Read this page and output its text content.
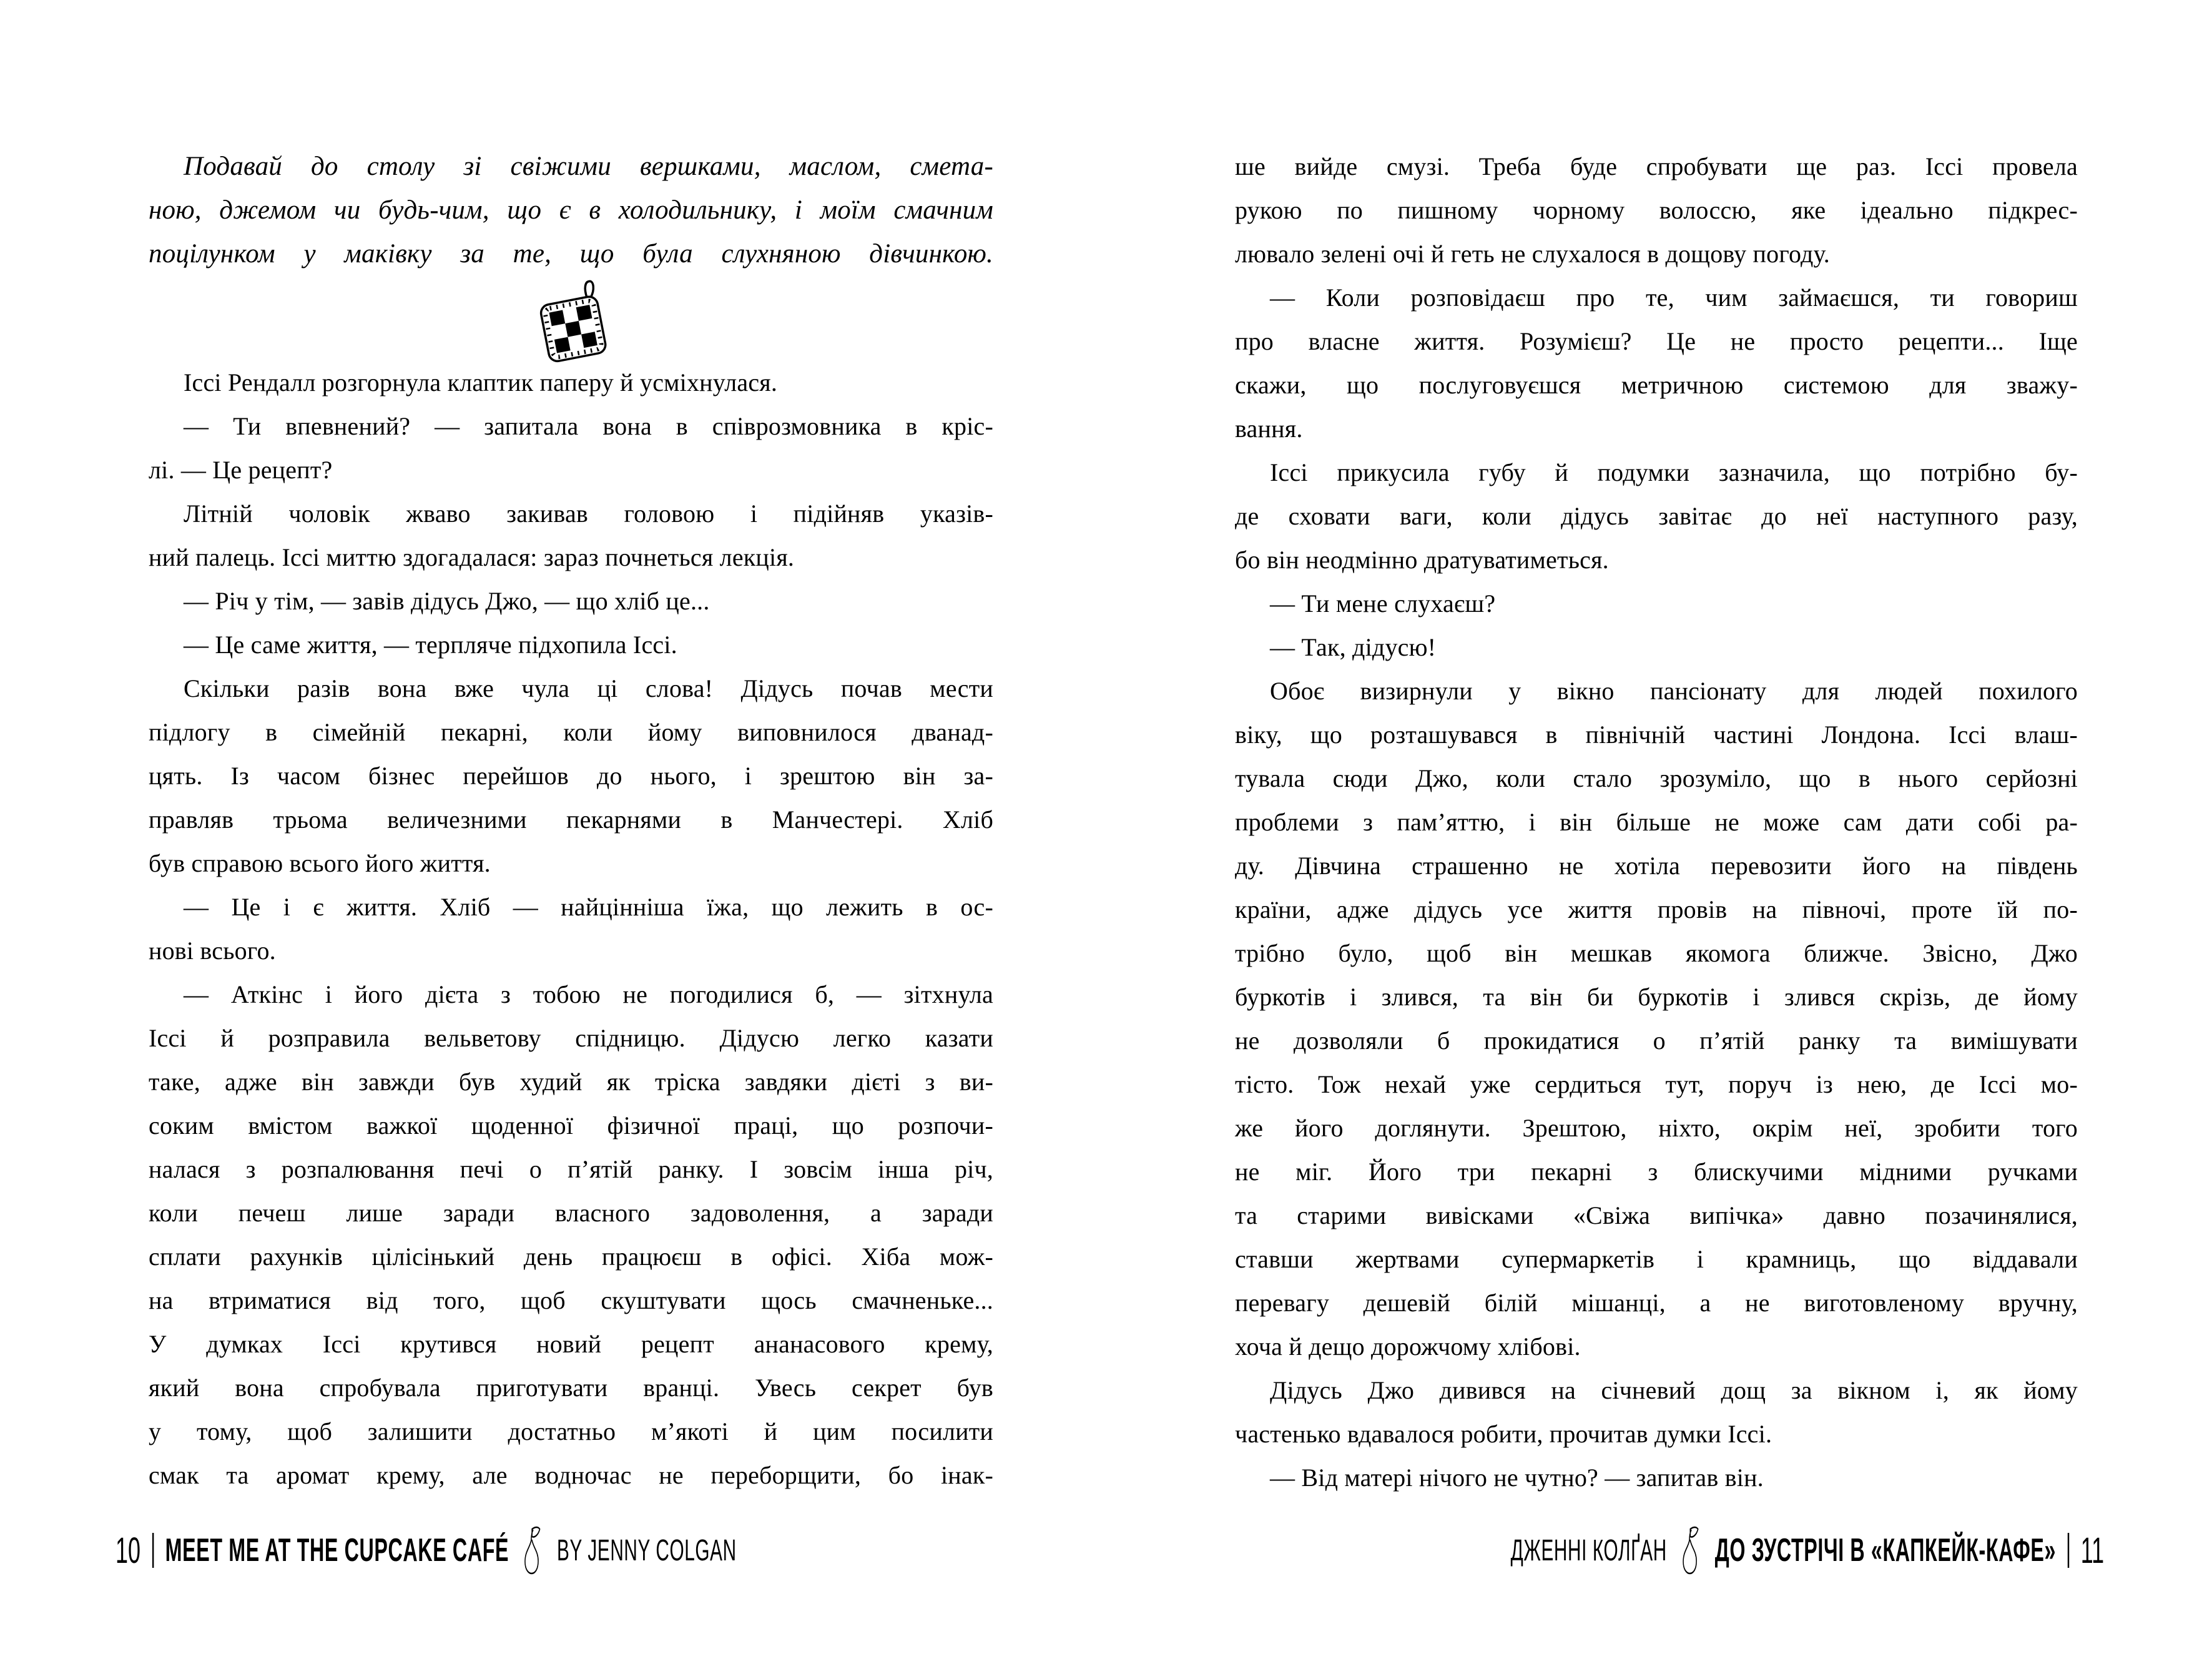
Подавай до столу зі свіжими вершками, маслом, смета-
ною, джемом чи будь-чим, що є в холодильнику, і моїм смачним
поцілунком у маківку за те, що була слухняною дівчинкою.
Іссі Рендалл розгорнула клаптик паперу й усміхнулася.
— Ти впевнений? — запитала вона в співрозмовника в кріс-
лі. — Це рецепт?
Літній чоловік жваво закивав головою і підійняв указів-
ний палець. Іссі миттю здогадалася: зараз почнеться лекція.
— Річ у тім, — завів дідусь Джо, — що хліб це...
— Це саме життя, — терпляче підхопила Іссі.
Скільки разів вона вже чула ці слова! Дідусь почав мести
підлогу в сімейній пекарні, коли йому виповнилося дванад-
цять. Із часом бізнес перейшов до нього, і зрештою він за-
правляв трьома величезними пекарнями в Манчестері. Хліб
був справою всього його життя.
— Це і є життя. Хліб — найцінніша їжа, що лежить в ос-
нові всього.
— Аткінс і його дієта з тобою не погодилися б, — зітхнула
Іссі й розправила вельветову спідницю. Дідусю легко казати
таке, адже він завжди був худий як тріска завдяки дієті з ви-
соким вмістом важкої щоденної фізичної праці, що розпочи-
налася з розпалювання печі о п’ятій ранку. І зовсім інша річ,
коли печеш лише заради власного задоволення, а заради
сплати рахунків цілісінький день працюєш в офісі. Хіба мож-
на втриматися від того, щоб скуштувати щось смачненьке...
У думках Іссі крутився новий рецепт ананасового крему,
який вона спробувала приготувати вранці. Увесь секрет був
у тому, щоб залишити достатньо м’якоті й цим посилити
смак та аромат крему, але водночас не переборщити, бо інак-
10 MEET ME AT THE CUPCAKE CAFÉ BY JENNY COLGAN
ше вийде смузі. Треба буде спробувати ще раз. Іссі провела
рукою по пишному чорному волоссю, яке ідеально підкрес-
лювало зелені очі й геть не слухалося в дощову погоду.
— Коли розповідаєш про те, чим займаєшся, ти говориш
про власне життя. Розумієш? Це не просто рецепти... Іще
скажи, що послуговуєшся метричною системою для зважу-
вання.
Іссі прикусила губу й подумки зазначила, що потрібно бу-
де сховати ваги, коли дідусь завітає до неї наступного разу,
бо він неодмінно дратуватиметься.
— Ти мене слухаєш?
— Так, дідусю!
Обоє визирнули у вікно пансіонату для людей похилого
віку, що розташувався в північній частині Лондона. Іссі влаш-
тувала сюди Джо, коли стало зрозуміло, що в нього серйозні
проблеми з пам’яттю, і він більше не може сам дати собі ра-
ду. Дівчина страшенно не хотіла перевозити його на південь
країни, адже дідусь усе життя провів на півночі, проте їй по-
трібно було, щоб він мешкав якомога ближче. Звісно, Джо
буркотів і злився, та він би буркотів і злився скрізь, де йому
не дозволяли б прокидатися о п’ятій ранку та вимішувати
тісто. Тож нехай уже сердиться тут, поруч із нею, де Іссі мо-
же його доглянути. Зрештою, ніхто, окрім неї, зробити того
не міг. Його три пекарні з блискучими мідними ручками
та старими вивісками «Свіжа випічка» давно позачинялися,
ставши жертвами супермаркетів і крамниць, що віддавали
перевагу дешевій білій мішанці, а не виготовленому вручну,
хоча й дещо дорожчому хлібові.
Дідусь Джо дивився на січневий дощ за вікном і, як йому
частенько вдавалося робити, прочитав думки Іссі.
— Від матері нічого не чутно? — запитав він.
ДЖЕННІ КОЛҐАН ДО ЗУСТРІЧІ В «КАПКЕЙК-КАФЕ» 11
